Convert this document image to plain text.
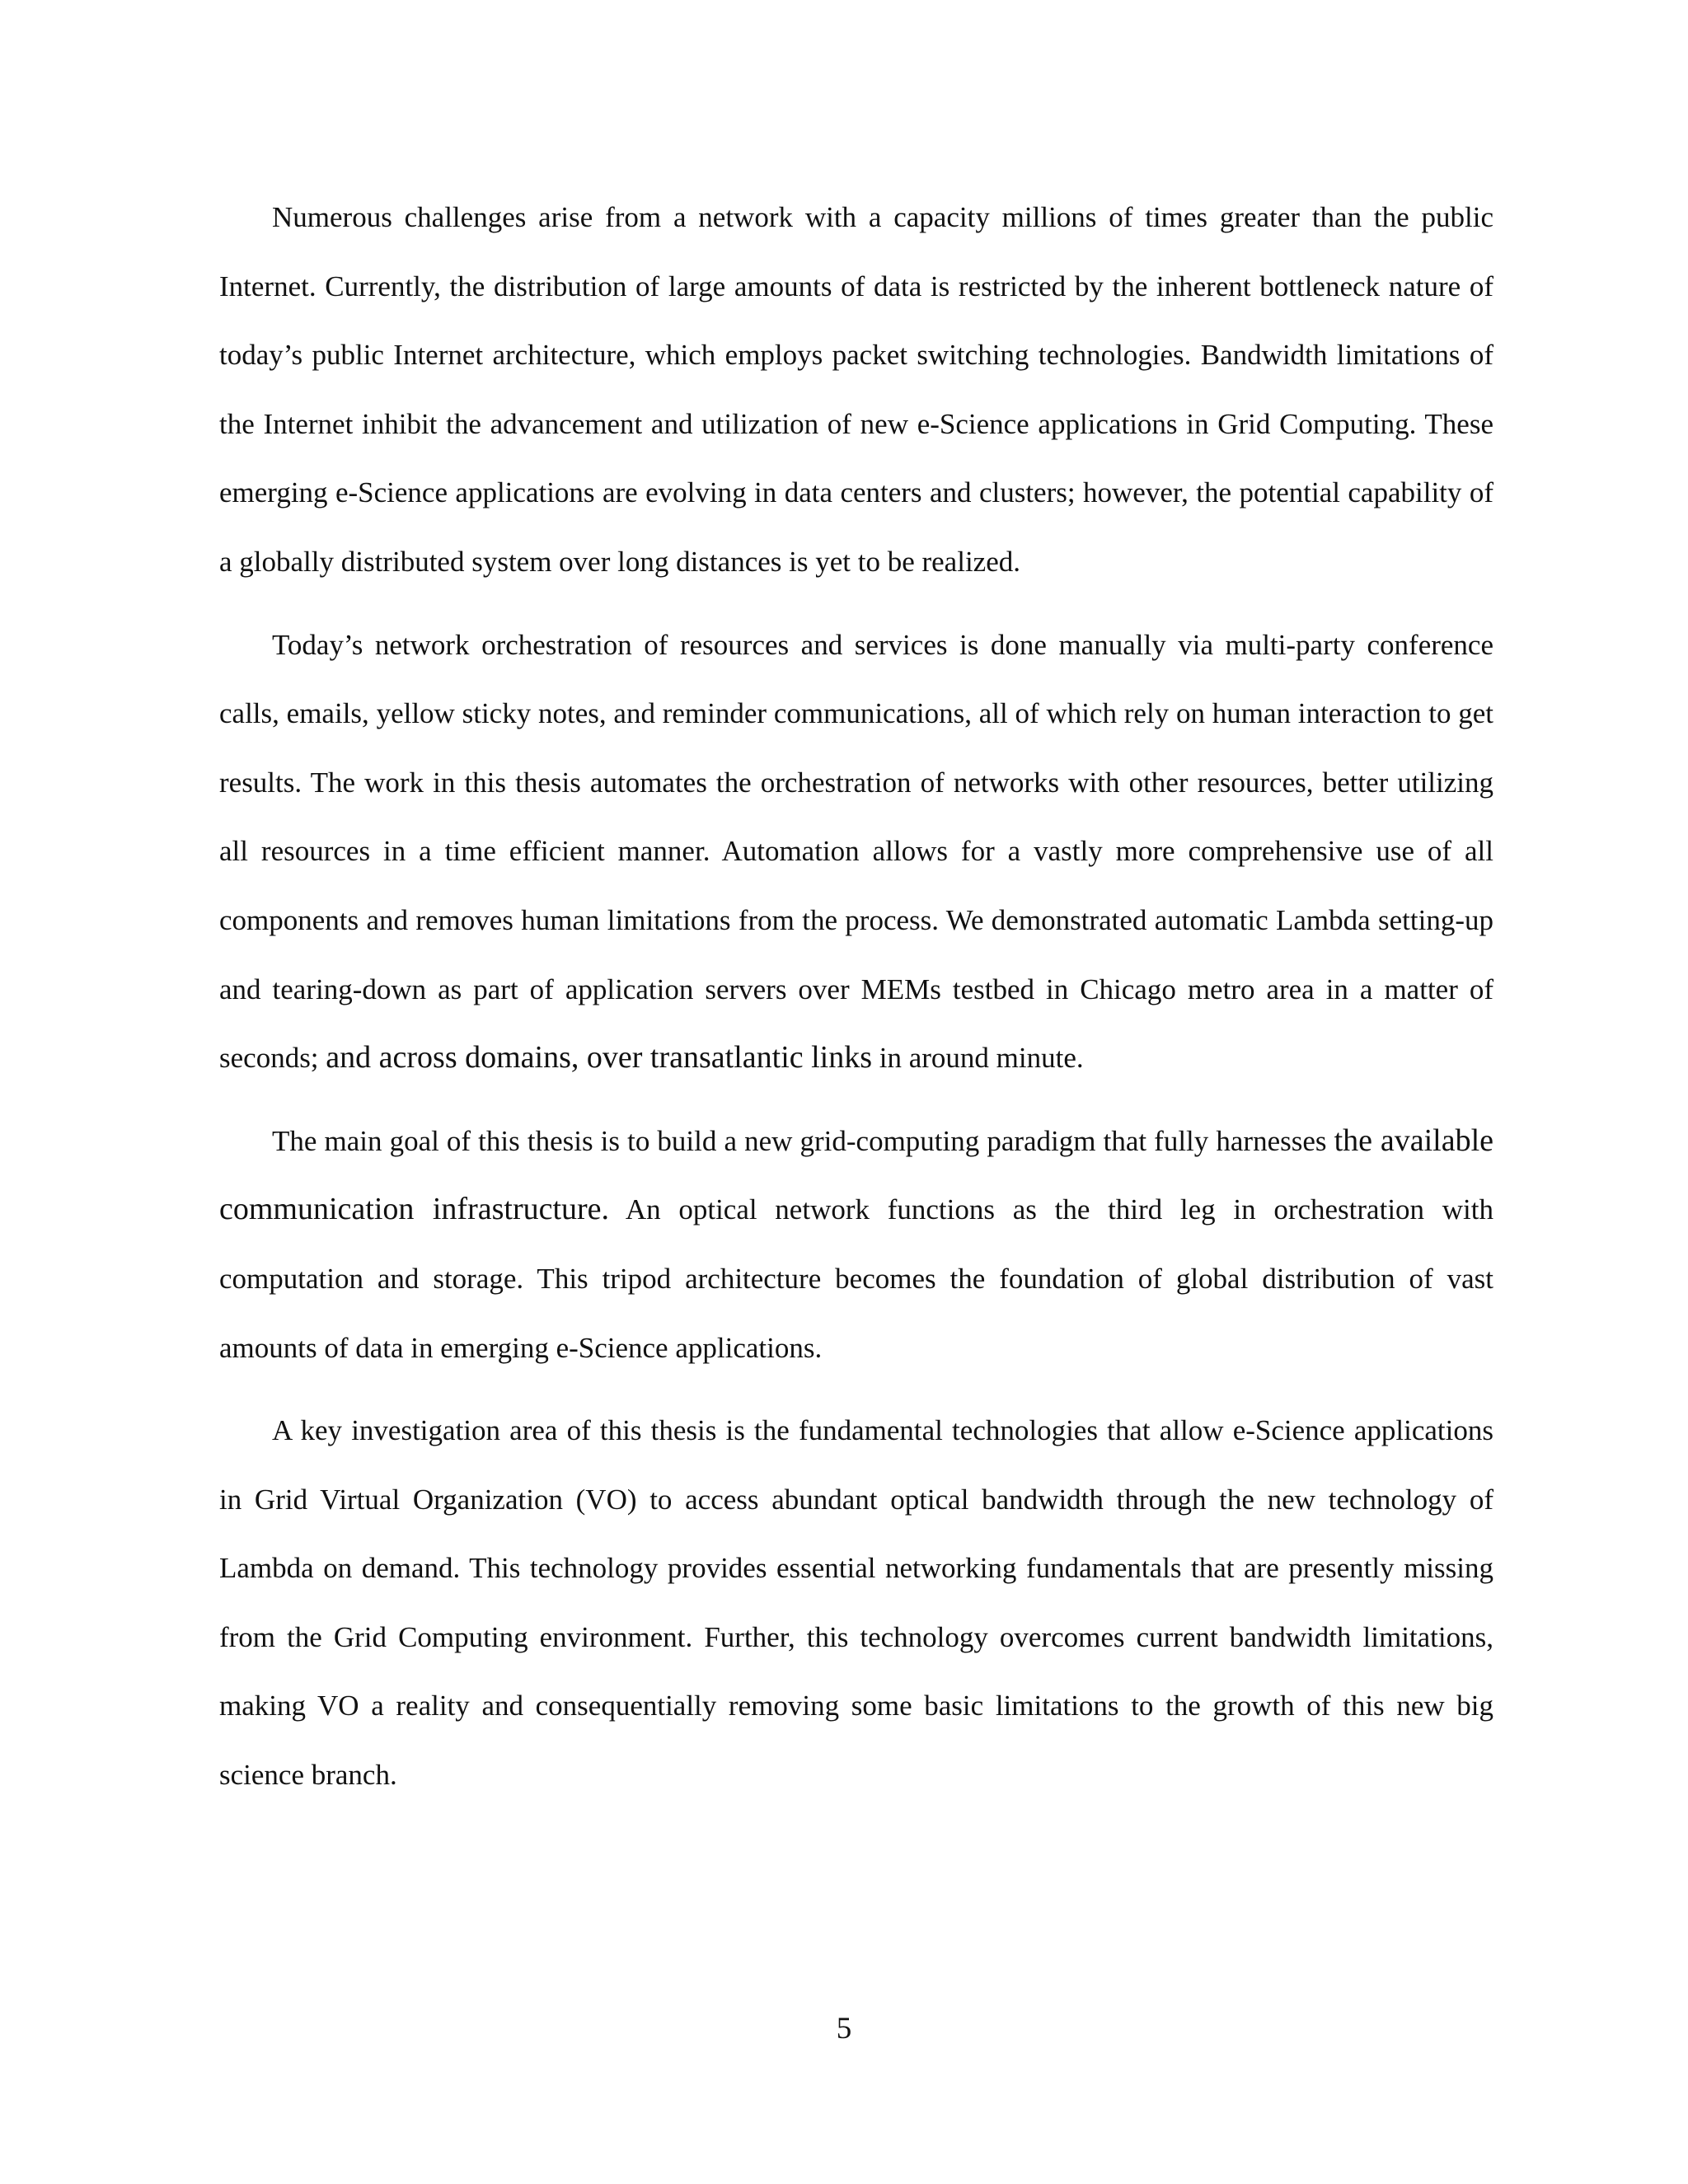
Numerous challenges arise from a network with a capacity millions of times greater than the public Internet. Currently, the distribution of large amounts of data is restricted by the inherent bottleneck nature of today’s public Internet architecture, which employs packet switching technologies. Bandwidth limitations of the Internet inhibit the advancement and utilization of new e-Science applications in Grid Computing. These emerging e-Science applications are evolving in data centers and clusters; however, the potential capability of a globally distributed system over long distances is yet to be realized.

Today’s network orchestration of resources and services is done manually via multi-party conference calls, emails, yellow sticky notes, and reminder communications, all of which rely on human interaction to get results. The work in this thesis automates the orchestration of networks with other resources, better utilizing all resources in a time efficient manner. Automation allows for a vastly more comprehensive use of all components and removes human limitations from the process. We demonstrated automatic Lambda setting-up and tearing-down as part of application servers over MEMs testbed in Chicago metro area in a matter of seconds; and across domains, over transatlantic links in around minute.

The main goal of this thesis is to build a new grid-computing paradigm that fully harnesses the available communication infrastructure. An optical network functions as the third leg in orchestration with computation and storage. This tripod architecture becomes the foundation of global distribution of vast amounts of data in emerging e-Science applications.

A key investigation area of this thesis is the fundamental technologies that allow e-Science applications in Grid Virtual Organization (VO) to access abundant optical bandwidth through the new technology of Lambda on demand. This technology provides essential networking fundamentals that are presently missing from the Grid Computing environment. Further, this technology overcomes current bandwidth limitations, making VO a reality and consequentially removing some basic limitations to the growth of this new big science branch.

5
